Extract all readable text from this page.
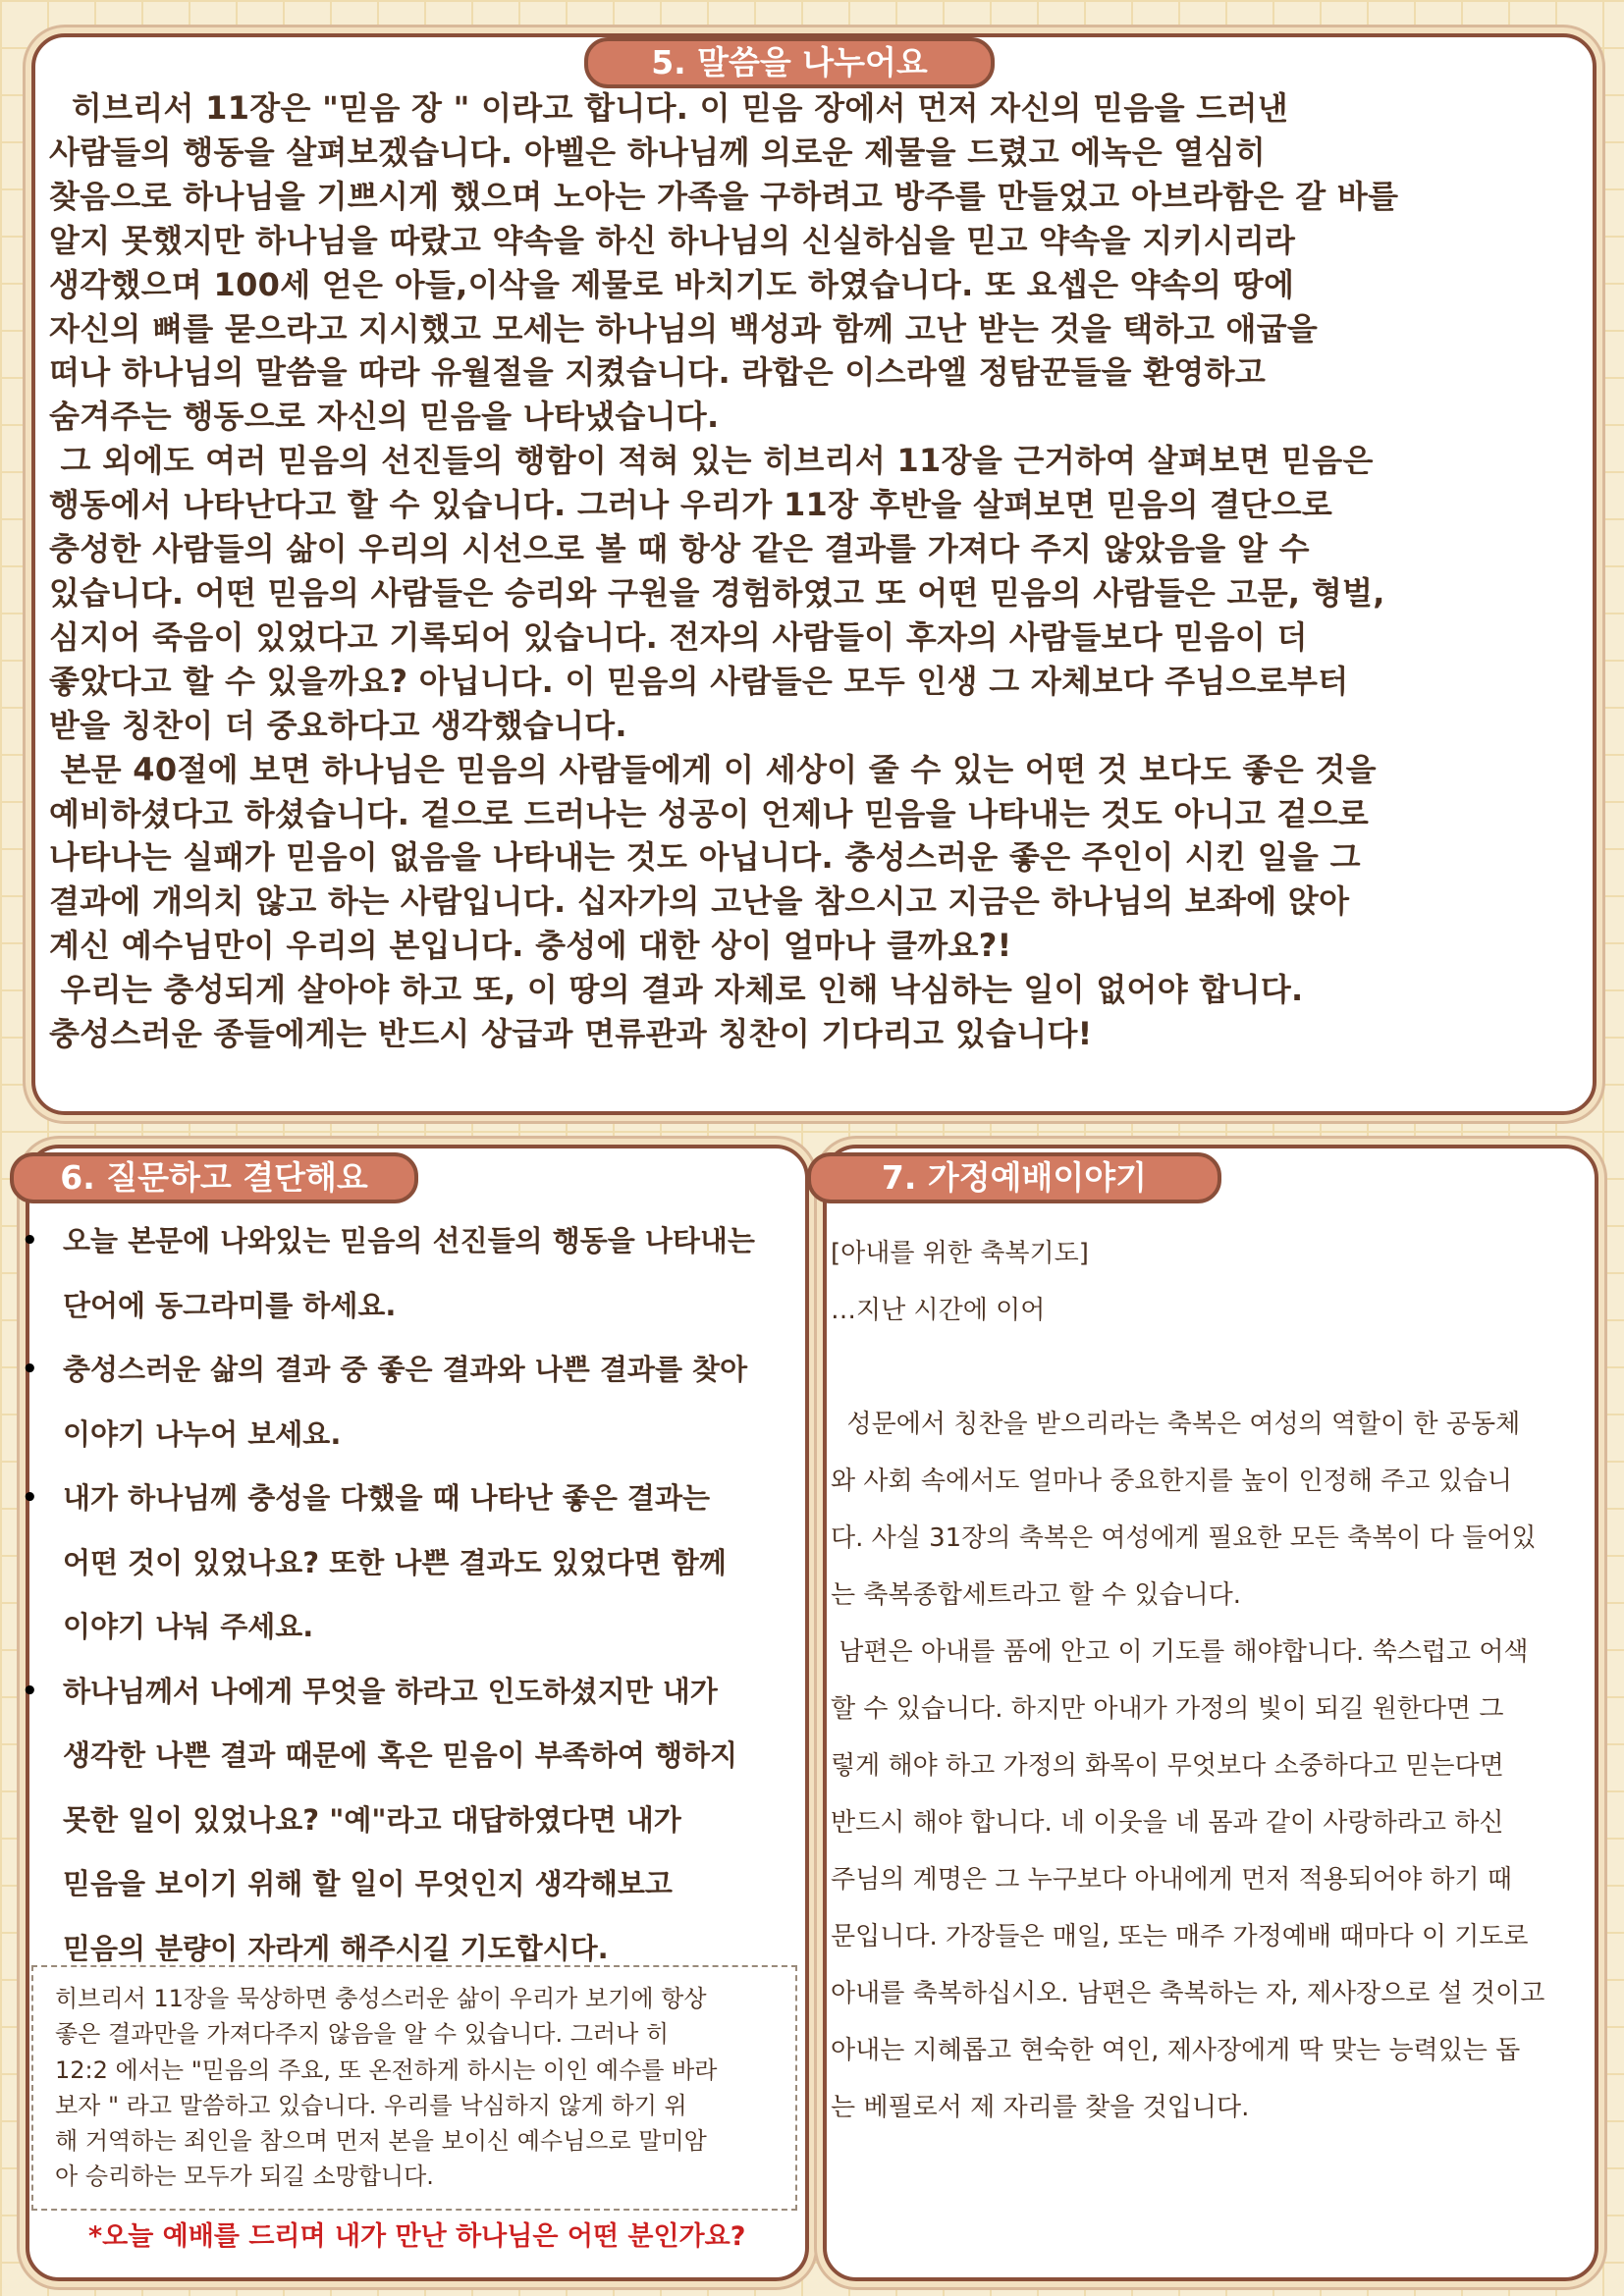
5. 말씀을 나누어요
6. 질문하고 결단해요	7. 가정예배이야기
히브리서 11장은 "믿음 장 " 이라고 합니다. 이 믿음 장에서 먼저 자신의 믿음을 드러낸
사람들의 행동을 살펴보겠습니다. 아벨은 하나님께 의로운 제물을 드렸고 에녹은 열심히
찾음으로 하나님을 기쁘시게 했으며 노아는 가족을 구하려고 방주를 만들었고 아브라함은 갈 바를
알지 못했지만 하나님을 따랐고 약속을 하신 하나님의 신실하심을 믿고 약속을 지키시리라
생각했으며 100세 얻은 아들,이삭을 제물로 바치기도 하였습니다. 또 요셉은 약속의 땅에
자신의 뼈를 묻으라고 지시했고 모세는 하나님의 백성과 함께 고난 받는 것을 택하고 애굽을
떠나 하나님의 말씀을 따라 유월절을 지켰습니다. 라합은 이스라엘 정탐꾼들을 환영하고
숨겨주는 행동으로 자신의 믿음을 나타냈습니다.
그 외에도 여러 믿음의 선진들의 행함이 적혀 있는 히브리서 11장을 근거하여 살펴보면 믿음은
행동에서 나타난다고 할 수 있습니다. 그러나 우리가 11장 후반을 살펴보면 믿음의 결단으로
충성한 사람들의 삶이 우리의 시선으로 볼 때 항상 같은 결과를 가져다 주지 않았음을 알 수
있습니다. 어떤 믿음의 사람들은 승리와 구원을 경험하였고 또 어떤 믿음의 사람들은 고문, 형벌,
심지어 죽음이 있었다고 기록되어 있습니다. 전자의 사람들이 후자의 사람들보다 믿음이 더
좋았다고 할 수 있을까요? 아닙니다. 이 믿음의 사람들은 모두 인생 그 자체보다 주님으로부터
받을 칭찬이 더 중요하다고 생각했습니다.
본문 40절에 보면 하나님은 믿음의 사람들에게 이 세상이 줄 수 있는 어떤 것 보다도 좋은 것을
예비하셨다고 하셨습니다. 겉으로 드러나는 성공이 언제나 믿음을 나타내는 것도 아니고 겉으로
나타나는 실패가 믿음이 없음을 나타내는 것도 아닙니다. 충성스러운 좋은 주인이 시킨 일을 그
결과에 개의치 않고 하는 사람입니다. 십자가의 고난을 참으시고 지금은 하나님의 보좌에 앉아
계신 예수님만이 우리의 본입니다. 충성에 대한 상이 얼마나 클까요?!
우리는 충성되게 살아야 하고 또, 이 땅의 결과 자체로 인해 낙심하는 일이 없어야 합니다.
충성스러운 종들에게는 반드시 상급과 면류관과 칭찬이 기다리고 있습니다!
• 오늘 본문에 나와있는 믿음의 선진들의 행동을 나타내는
단어에 동그라미를 하세요.
• 충성스러운 삶의 결과 중 좋은 결과와 나쁜 결과를 찾아
이야기 나누어 보세요.
• 내가 하나님께 충성을 다했을 때 나타난 좋은 결과는
어떤 것이 있었나요? 또한 나쁜 결과도 있었다면 함께
이야기 나눠 주세요.
• 하나님께서 나에게 무엇을 하라고 인도하셨지만 내가
생각한 나쁜 결과 때문에 혹은 믿음이 부족하여 행하지
못한 일이 있었나요? "예"라고 대답하였다면 내가
믿음을 보이기 위해 할 일이 무엇인지 생각해보고
믿음의 분량이 자라게 해주시길 기도합시다.
히브리서 11장을 묵상하면 충성스러운 삶이 우리가 보기에 항상
좋은 결과만을 가져다주지 않음을 알 수 있습니다. 그러나 히
12:2 에서는 "믿음의 주요, 또 온전하게 하시는 이인 예수를 바라
보자 " 라고 말씀하고 있습니다. 우리를 낙심하지 않게 하기 위
해 거역하는 죄인을 참으며 먼저 본을 보이신 예수님으로 말미암
아 승리하는 모두가 되길 소망합니다.
*오늘 예배를 드리며 내가 만난 하나님은 어떤 분인가요?
[아내를 위한 축복기도]
…지난 시간에 이어

성문에서 칭찬을 받으리라는 축복은 여성의 역할이 한 공동체
와 사회 속에서도 얼마나 중요한지를 높이 인정해 주고 있습니
다. 사실 31장의 축복은 여성에게 필요한 모든 축복이 다 들어있
는 축복종합세트라고 할 수 있습니다.
남편은 아내를 품에 안고 이 기도를 해야합니다. 쑥스럽고 어색
할 수 있습니다. 하지만 아내가 가정의 빛이 되길 원한다면 그
렇게 해야 하고 가정의 화목이 무엇보다 소중하다고 믿는다면
반드시 해야 합니다. 네 이웃을 네 몸과 같이 사랑하라고 하신
주님의 계명은 그 누구보다 아내에게 먼저 적용되어야 하기 때
문입니다. 가장들은 매일, 또는 매주 가정예배 때마다 이 기도로
아내를 축복하십시오. 남편은 축복하는 자, 제사장으로 설 것이고
아내는 지혜롭고 현숙한 여인, 제사장에게 딱 맞는 능력있는 돕
는 베필로서 제 자리를 찾을 것입니다.
